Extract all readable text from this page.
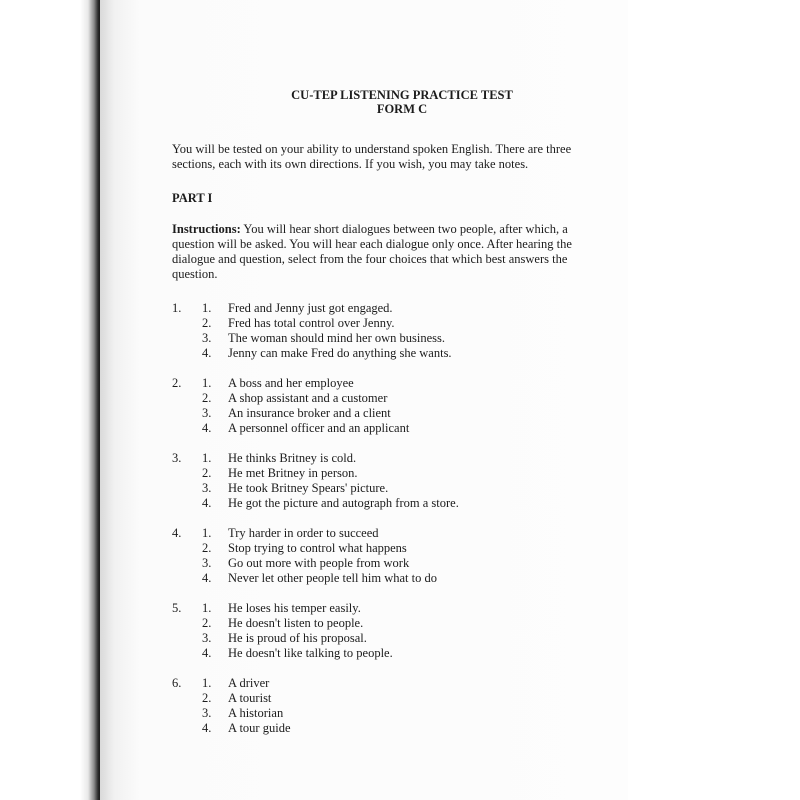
CU-TEP LISTENING PRACTICE TEST
FORM C
You will be tested on your ability to understand spoken English. There are three sections, each with its own directions. If you wish, you may take notes.
PART I
Instructions: You will hear short dialogues between two people, after which, a question will be asked. You will hear each dialogue only once. After hearing the dialogue and question, select from the four choices that which best answers the question.
1.	1.	Fred and Jenny just got engaged.
2.	Fred has total control over Jenny.
3.	The woman should mind her own business.
4.	Jenny can make Fred do anything she wants.
2.	1.	A boss and her employee
2.	A shop assistant and a customer
3.	An insurance broker and a client
4.	A personnel officer and an applicant
3.	1.	He thinks Britney is cold.
2.	He met Britney in person.
3.	He took Britney Spears' picture.
4.	He got the picture and autograph from a store.
4.	1.	Try harder in order to succeed
2.	Stop trying to control what happens
3.	Go out more with people from work
4.	Never let other people tell him what to do
5.	1.	He loses his temper easily.
2.	He doesn't listen to people.
3.	He is proud of his proposal.
4.	He doesn't like talking to people.
6.	1.	A driver
2.	A tourist
3.	A historian
4.	A tour guide
